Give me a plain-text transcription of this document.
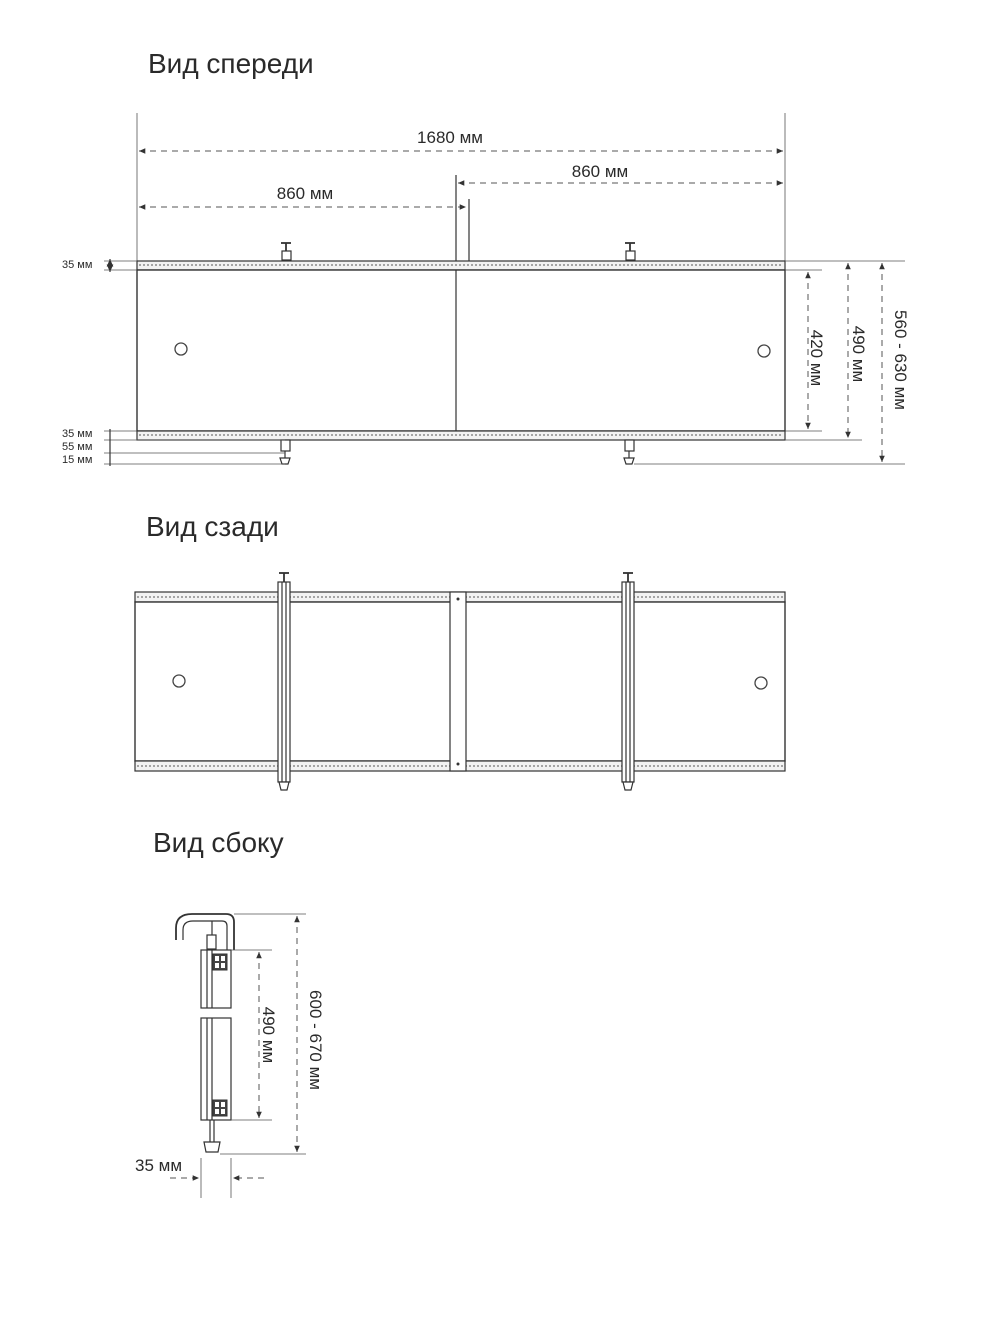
Вид спереди
1680 мм
860 мм
860 мм
35 мм
35 мм
55 мм
15 мм
420 мм 490 мм 560 - 630 мм
Вид сзади
Вид сбоку
490 мм 600 - 670 мм
35 мм
